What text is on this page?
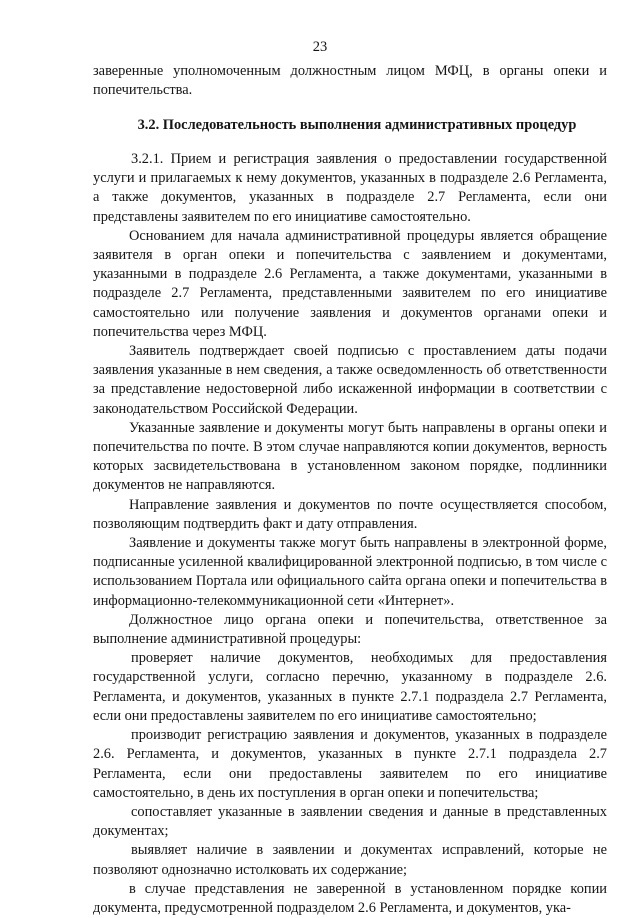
23

заверенные уполномоченным должностным лицом МФЦ, в органы опеки и попечительства.

3.2. Последовательность выполнения административных процедур

3.2.1. Прием и регистрация заявления о предоставлении государственной услуги и прилагаемых к нему документов, указанных в подразделе 2.6 Регламента, а также документов, указанных в подразделе 2.7 Регламента, если они представлены заявителем по его инициативе самостоятельно.

Основанием для начала административной процедуры является обращение заявителя в орган опеки и попечительства с заявлением и документами, указанными в подразделе 2.6 Регламента, а также документами, указанными в подразделе 2.7 Регламента, представленными заявителем по его инициативе самостоятельно или получение заявления и документов органами опеки и попечительства через МФЦ.

Заявитель подтверждает своей подписью с проставлением даты подачи заявления указанные в нем сведения, а также осведомленность об ответственности за представление недостоверной либо искаженной информации в соответствии с законодательством Российской Федерации.

Указанные заявление и документы могут быть направлены в органы опеки и попечительства по почте. В этом случае направляются копии документов, верность которых засвидетельствована в установленном законом порядке, подлинники документов не направляются.

Направление заявления и документов по почте осуществляется способом, позволяющим подтвердить факт и дату отправления.

Заявление и документы также могут быть направлены в электронной форме, подписанные усиленной квалифицированной электронной подписью, в том числе с использованием Портала или официального сайта органа опеки и попечительства в информационно-телекоммуникационной сети «Интернет».

Должностное лицо органа опеки и попечительства, ответственное за выполнение административной процедуры:

проверяет наличие документов, необходимых для предоставления государственной услуги, согласно перечню, указанному в подразделе 2.6. Регламента, и документов, указанных в пункте 2.7.1 подраздела 2.7 Регламента, если они предоставлены заявителем по его инициативе самостоятельно;

производит регистрацию заявления и документов, указанных в подразделе 2.6. Регламента, и документов, указанных в пункте 2.7.1 подраздела 2.7 Регламента, если они предоставлены заявителем по его инициативе самостоятельно, в день их поступления в орган опеки и попечительства;

сопоставляет указанные в заявлении сведения и данные в представленных документах;

выявляет наличие в заявлении и документах исправлений, которые не позволяют однозначно истолковать их содержание;

в случае представления не заверенной в установленном порядке копии документа, предусмотренной подразделом 2.6 Регламента, и документов, ука-
